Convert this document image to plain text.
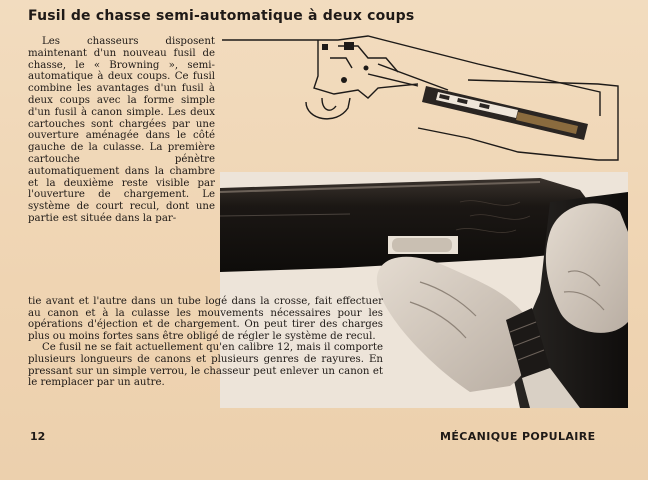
Fusil de chasse semi-automatique à deux coups

Les chasseurs disposent maintenant d'un nouveau fusil de chasse, le « Browning », semi-automatique à deux coups. Ce fusil combine les avantages d'un fusil à deux coups avec la forme simple d'un fusil à canon simple. Les deux cartouches sont chargées par une ouverture aménagée dans le côté gauche de la culasse. La première cartouche pénètre automatiquement dans la chambre et la deuxième reste visible par l'ouverture de chargement. Le système de court recul, dont une partie est située dans la par-

tie avant et l'autre dans un tube logé dans la crosse, fait effectuer au canon et à la culasse les mouvements nécessaires pour les opérations d'éjection et de chargement. On peut tirer des charges plus ou moins fortes sans être obligé de régler le système de recul.

Ce fusil ne se fait actuellement qu'en calibre 12, mais il comporte plusieurs longueurs de canons et plusieurs genres de rayures. En pressant sur un simple verrou, le chasseur peut enlever un canon et le remplacer par un autre.

12	MÉCANIQUE POPULAIRE
